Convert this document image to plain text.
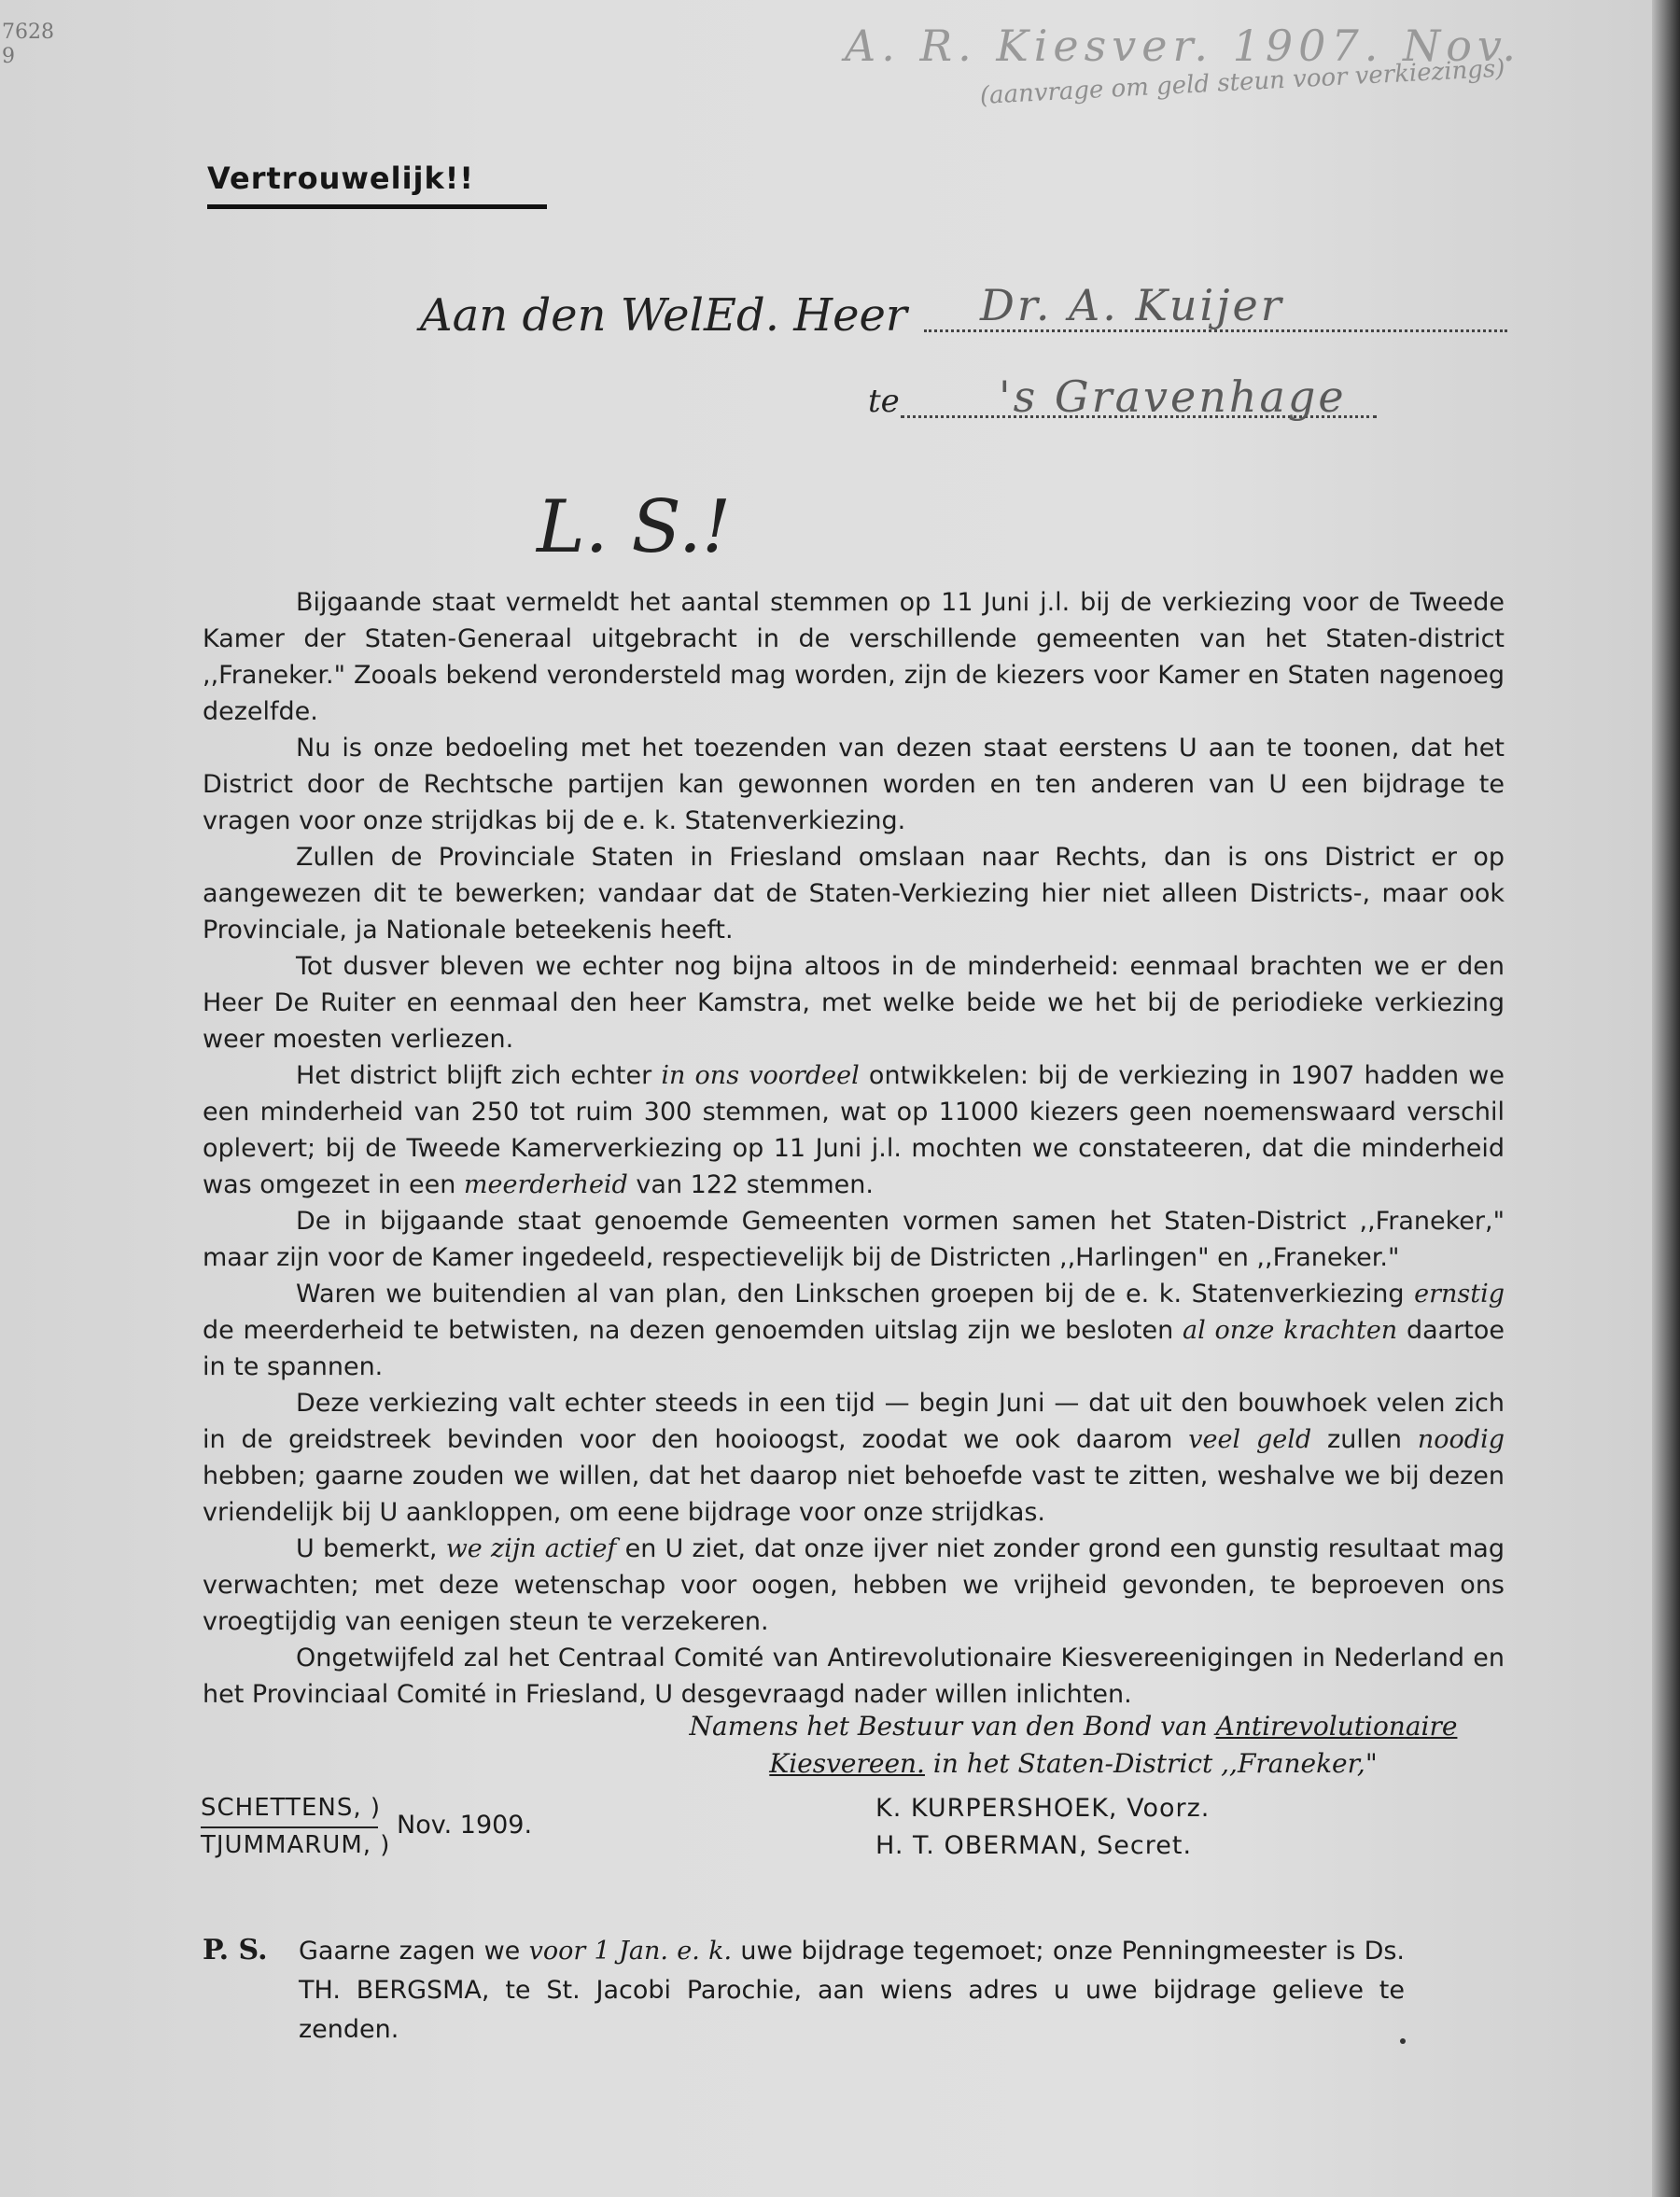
7628
9	A. R. Kiesver. 1907. Nov.
(aanvrage om geld steun voor verkiezings)
Vertrouwelijk!!
Aan den WelEd. Heer Dr. A. Kuijer
te 's Gravenhage
L. S.!

Bijgaande staat vermeldt het aantal stemmen op 11 Juni j.l. bij de verkiezing voor de Tweede Kamer der Staten-Generaal uitgebracht in de verschillende gemeenten van het Staten-district ,,Franeker." Zooals bekend verondersteld mag worden, zijn de kiezers voor Kamer en Staten nagenoeg dezelfde.

Nu is onze bedoeling met het toezenden van dezen staat eerstens U aan te toonen, dat het District door de Rechtsche partijen kan gewonnen worden en ten anderen van U een bijdrage te vragen voor onze strijdkas bij de e. k. Statenverkiezing.

Zullen de Provinciale Staten in Friesland omslaan naar Rechts, dan is ons District er op aangewezen dit te bewerken; vandaar dat de Staten-Verkiezing hier niet alleen Districts-, maar ook Provinciale, ja Nationale beteekenis heeft.

Tot dusver bleven we echter nog bijna altoos in de minderheid: eenmaal brachten we er den Heer De Ruiter en eenmaal den heer Kamstra, met welke beide we het bij de periodieke verkiezing weer moesten verliezen.

Het district blijft zich echter in ons voordeel ontwikkelen: bij de verkiezing in 1907 hadden we een minderheid van 250 tot ruim 300 stemmen, wat op 11000 kiezers geen noemenswaard verschil oplevert; bij de Tweede Kamerverkiezing op 11 Juni j.l. mochten we constateeren, dat die minderheid was omgezet in een meerderheid van 122 stemmen.

De in bijgaande staat genoemde Gemeenten vormen samen het Staten-District ,,Franeker," maar zijn voor de Kamer ingedeeld, respectievelijk bij de Districten ,,Harlingen" en ,,Franeker."

Waren we buitendien al van plan, den Linkschen groepen bij de e. k. Statenverkiezing ernstig de meerderheid te betwisten, na dezen genoemden uitslag zijn we besloten al onze krachten daartoe in te spannen.

Deze verkiezing valt echter steeds in een tijd — begin Juni — dat uit den bouwhoek velen zich in de greidstreek bevinden voor den hooioogst, zoodat we ook daarom veel geld zullen noodig hebben; gaarne zouden we willen, dat het daarop niet behoefde vast te zitten, weshalve we bij dezen vriendelijk bij U aankloppen, om eene bijdrage voor onze strijdkas.

U bemerkt, we zijn actief en U ziet, dat onze ijver niet zonder grond een gunstig resultaat mag verwachten; met deze wetenschap voor oogen, hebben we vrijheid gevonden, te beproeven ons vroegtijdig van eenigen steun te verzekeren.

Ongetwijfeld zal het Centraal Comité van Antirevolutionaire Kiesvereenigingen in Nederland en het Provinciaal Comité in Friesland, U desgevraagd nader willen inlichten.

Namens het Bestuur van den Bond van Antirevolutionaire
Kiesvereen. in het Staten-District ,,Franeker,"
SCHETTENS, )
TJUMMARUM, )
Nov. 1909.
K. KURPERSHOEK, Voorz.
H. T. OBERMAN, Secret.
P. S. Gaarne zagen we voor 1 Jan. e. k. uwe bijdrage tegemoet; onze Penningmeester is Ds. TH. BERGSMA, te St. Jacobi Parochie, aan wiens adres u uwe bijdrage gelieve te zenden.
